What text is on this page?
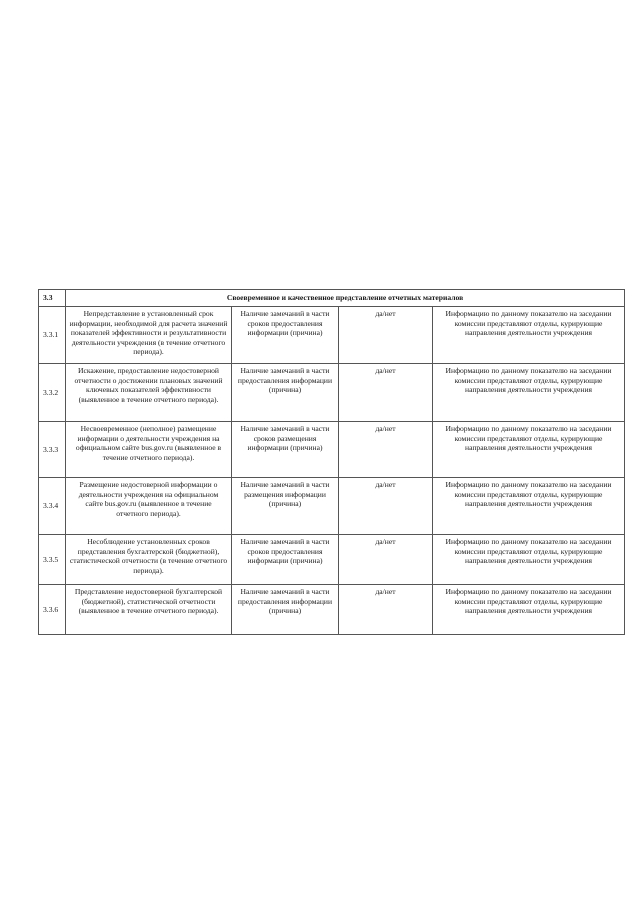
3.3	Своевременное и качественное представление отчетных материалов			
3.3.1	Непредставление в установленный срок информации, необходимой для расчета значений показателей эффективности и результативности деятельности учреждения (в течение отчетного периода).	Наличие замечаний в части сроков предоставления информации (причина)	да/нет	Информацию по данному показателю на заседании комиссии представляют отделы, курирующие направления деятельности учреждения
3.3.2	Искажение, предоставление недостоверной отчетности о достижении плановых значений ключевых показателей эффективности (выявленное в течение отчетного периода).	Наличие замечаний в части предоставления информации (причина)	да/нет	Информацию по данному показателю на заседании комиссии представляют отделы, курирующие направления деятельности учреждения
3.3.3	Несвоевременное (неполное) размещение информации о деятельности учреждения на официальном сайте bus.gov.ru (выявленное в течение отчетного периода).	Наличие замечаний в части сроков размещения информации (причина)	да/нет	Информацию по данному показателю на заседании комиссии представляют отделы, курирующие направления деятельности учреждения
3.3.4	Размещение недостоверной информации о деятельности учреждения на официальном сайте bus.gov.ru (выявленное в течение отчетного периода).	Наличие замечаний в части размещения информации (причина)	да/нет	Информацию по данному показателю на заседании комиссии представляют отделы, курирующие направления деятельности учреждения
3.3.5	Несоблюдение установленных сроков представления бухгалтерской (бюджетной), статистической отчетности (в течение отчетного периода).	Наличие замечаний в части сроков предоставления информации (причина)	да/нет	Информацию по данному показателю на заседании комиссии представляют отделы, курирующие направления деятельности учреждения
3.3.6	Представление недостоверной бухгалтерской (бюджетной), статистической отчетности (выявленное в течение отчетного периода).	Наличие замечаний в части предоставления информации (причина)	да/нет	Информацию по данному показателю на заседании комиссии представляют отделы, курирующие направления деятельности учреждения
